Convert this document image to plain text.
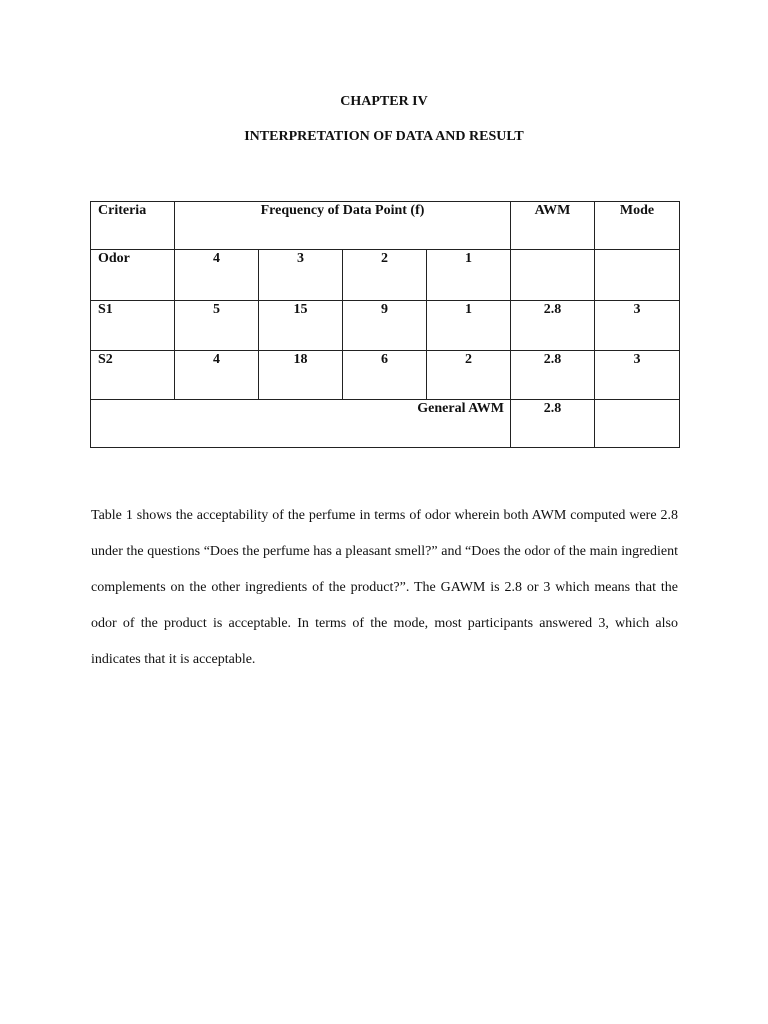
CHAPTER IV
INTERPRETATION OF DATA AND RESULT
Criteria	Frequency of Data Point (f)				AWM	Mode

Odor	4	3	2	1		

S1	5	15	9	1	2.8	3

S2	4	18	6	2	2.8	3

General AWM					2.8	

Table 1 shows the acceptability of the perfume in terms of odor wherein both AWM computed were 2.8 under the questions “Does the perfume has a pleasant smell?” and “Does the odor of the main ingredient complements on the other ingredients of the product?”. The GAWM is 2.8 or 3 which means that the odor of the product is acceptable. In terms of the mode, most participants answered 3, which also indicates that it is acceptable.
